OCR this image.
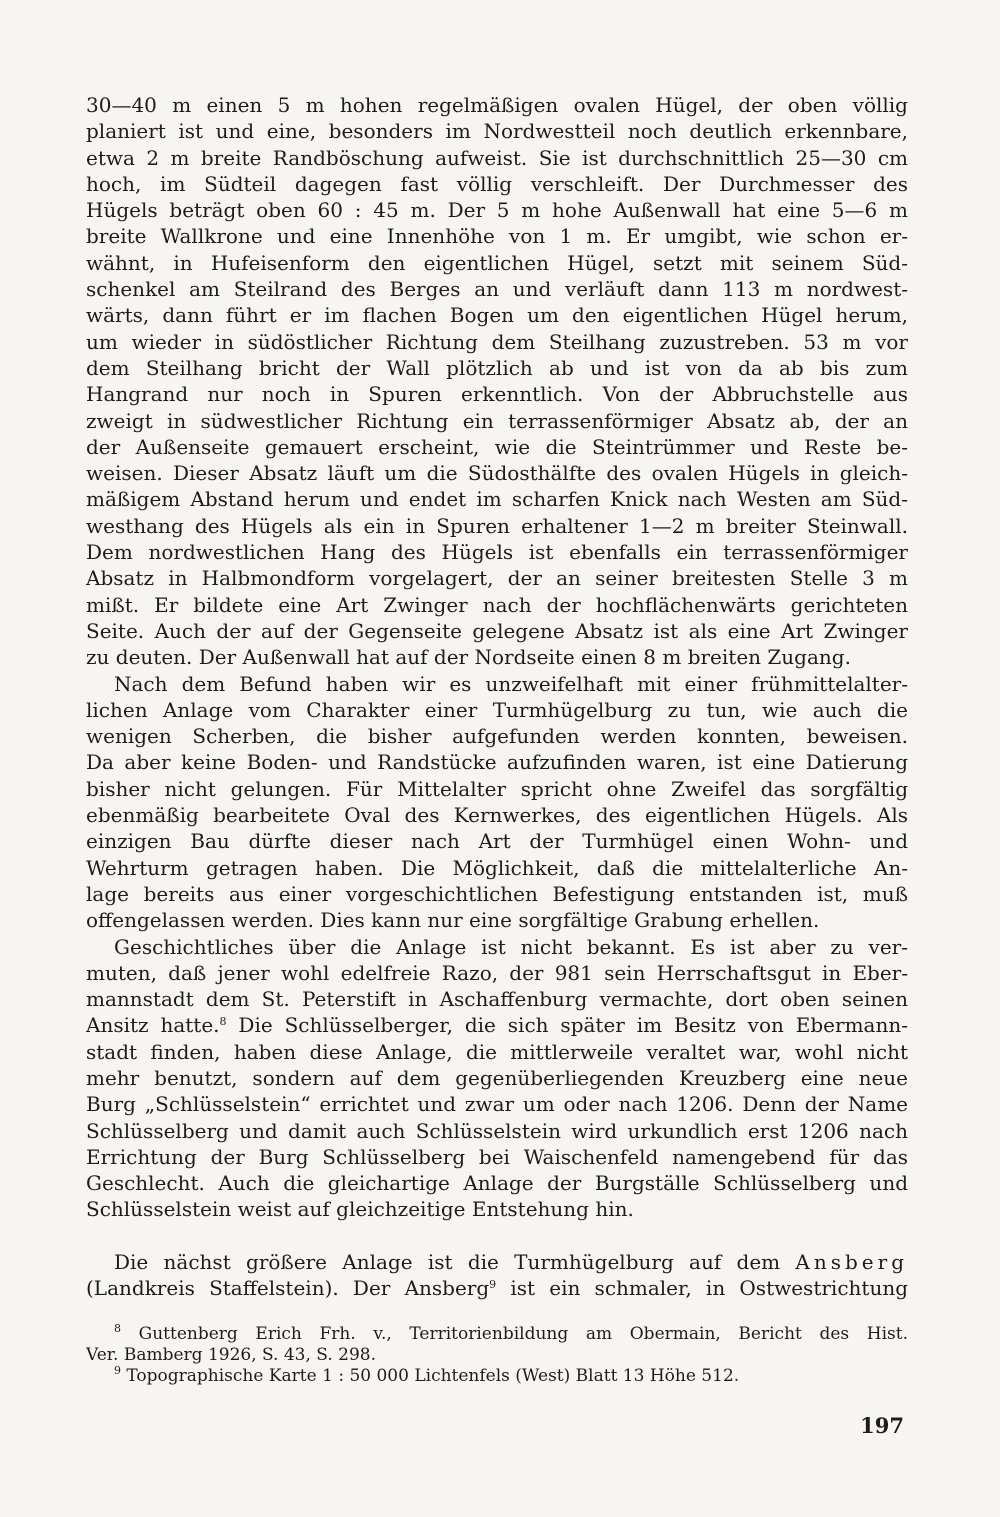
30—40 m einen 5 m hohen regelmäßigen ovalen Hügel, der oben völlig
planiert ist und eine, besonders im Nordwestteil noch deutlich erkennbare,
etwa 2 m breite Randböschung aufweist. Sie ist durchschnittlich 25—30 cm
hoch, im Südteil dagegen fast völlig verschleift. Der Durchmesser des
Hügels beträgt oben 60 : 45 m. Der 5 m hohe Außenwall hat eine 5—6 m
breite Wallkrone und eine Innenhöhe von 1 m. Er umgibt, wie schon er-
wähnt, in Hufeisenform den eigentlichen Hügel, setzt mit seinem Süd-
schenkel am Steilrand des Berges an und verläuft dann 113 m nordwest-
wärts, dann führt er im flachen Bogen um den eigentlichen Hügel herum,
um wieder in südöstlicher Richtung dem Steilhang zuzustreben. 53 m vor
dem Steilhang bricht der Wall plötzlich ab und ist von da ab bis zum
Hangrand nur noch in Spuren erkenntlich. Von der Abbruchstelle aus
zweigt in südwestlicher Richtung ein terrassenförmiger Absatz ab, der an
der Außenseite gemauert erscheint, wie die Steintrümmer und Reste be-
weisen. Dieser Absatz läuft um die Südosthälfte des ovalen Hügels in gleich-
mäßigem Abstand herum und endet im scharfen Knick nach Westen am Süd-
westhang des Hügels als ein in Spuren erhaltener 1—2 m breiter Steinwall.
Dem nordwestlichen Hang des Hügels ist ebenfalls ein terrassenförmiger
Absatz in Halbmondform vorgelagert, der an seiner breitesten Stelle 3 m
mißt. Er bildete eine Art Zwinger nach der hochflächenwärts gerichteten
Seite. Auch der auf der Gegenseite gelegene Absatz ist als eine Art Zwinger
zu deuten. Der Außenwall hat auf der Nordseite einen 8 m breiten Zugang.
Nach dem Befund haben wir es unzweifelhaft mit einer frühmittelalter-
lichen Anlage vom Charakter einer Turmhügelburg zu tun, wie auch die
wenigen Scherben, die bisher aufgefunden werden konnten, beweisen.
Da aber keine Boden- und Randstücke aufzufinden waren, ist eine Datierung
bisher nicht gelungen. Für Mittelalter spricht ohne Zweifel das sorgfältig
ebenmäßig bearbeitete Oval des Kernwerkes, des eigentlichen Hügels. Als
einzigen Bau dürfte dieser nach Art der Turmhügel einen Wohn- und
Wehrturm getragen haben. Die Möglichkeit, daß die mittelalterliche An-
lage bereits aus einer vorgeschichtlichen Befestigung entstanden ist, muß
offengelassen werden. Dies kann nur eine sorgfältige Grabung erhellen.
Geschichtliches über die Anlage ist nicht bekannt. Es ist aber zu ver-
muten, daß jener wohl edelfreie Razo, der 981 sein Herrschaftsgut in Eber-
mannstadt dem St. Peterstift in Aschaffenburg vermachte, dort oben seinen
Ansitz hatte.$^8$ Die Schlüsselberger, die sich später im Besitz von Ebermann-
stadt finden, haben diese Anlage, die mittlerweile veraltet war, wohl nicht
mehr benutzt, sondern auf dem gegenüberliegenden Kreuzberg eine neue
Burg „Schlüsselstein“ errichtet und zwar um oder nach 1206. Denn der Name
Schlüsselberg und damit auch Schlüsselstein wird urkundlich erst 1206 nach
Errichtung der Burg Schlüsselberg bei Waischenfeld namengebend für das
Geschlecht. Auch die gleichartige Anlage der Burgställe Schlüsselberg und
Schlüsselstein weist auf gleichzeitige Entstehung hin.
Die nächst größere Anlage ist die Turmhügelburg auf dem Ansberg
(Landkreis Staffelstein). Der Ansberg$^9$ ist ein schmaler, in Ostwestrichtung
$^8$ Guttenberg Erich Frh. v., Territorienbildung am Obermain, Bericht des Hist.
Ver. Bamberg 1926, S. 43, S. 298.
$^9$ Topographische Karte 1 : 50 000 Lichtenfels (West) Blatt 13 Höhe 512.
197
